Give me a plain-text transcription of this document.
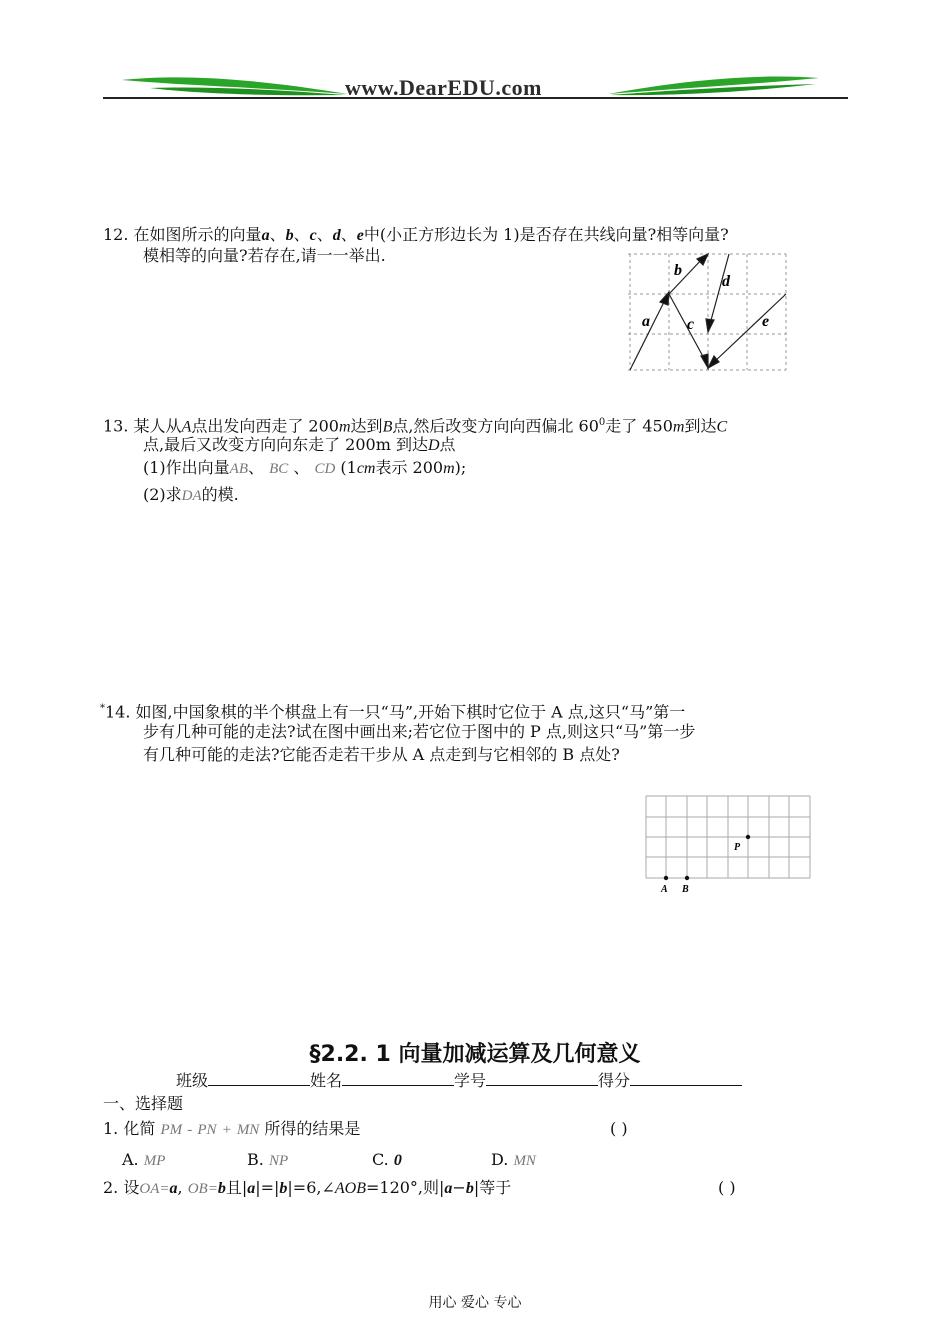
www.DearEDU.com
12. 在如图所示的向量a、b、c、d、e中(小正方形边长为 1)是否存在共线向量?相等向量?
模相等的向量?若存在,请一一举出.
b
d
a c	e
13. 某人从A点出发向西走了 200m达到B点,然后改变方向向西偏北 $60^0$走了 450m到达C
点,最后又改变方向向东走了 200m 到达D点
(1)作出向量AB、 BC 、 CD (1cm表示 200m);
(2)求DA的模.
*14. 如图,中国象棋的半个棋盘上有一只“马”,开始下棋时它位于 A 点,这只“马”第一
步有几种可能的走法?试在图中画出来;若它位于图中的 P 点,则这只“马”第一步
有几种可能的走法?它能否走若干步从 A 点走到与它相邻的 B 点处?
A B
P
§2.2. 1 向量加减运算及几何意义
班级	姓名	学号	得分
一、选择题
1. 化简 PM - PN + MN 所得的结果是	( )
A. MP	B. NP	C. 0	D. MN
2. 设OA=a, OB=b且|a|=|b|=6,∠AOB=120°,则|a−b|等于	( )
用心 爱心 专心
